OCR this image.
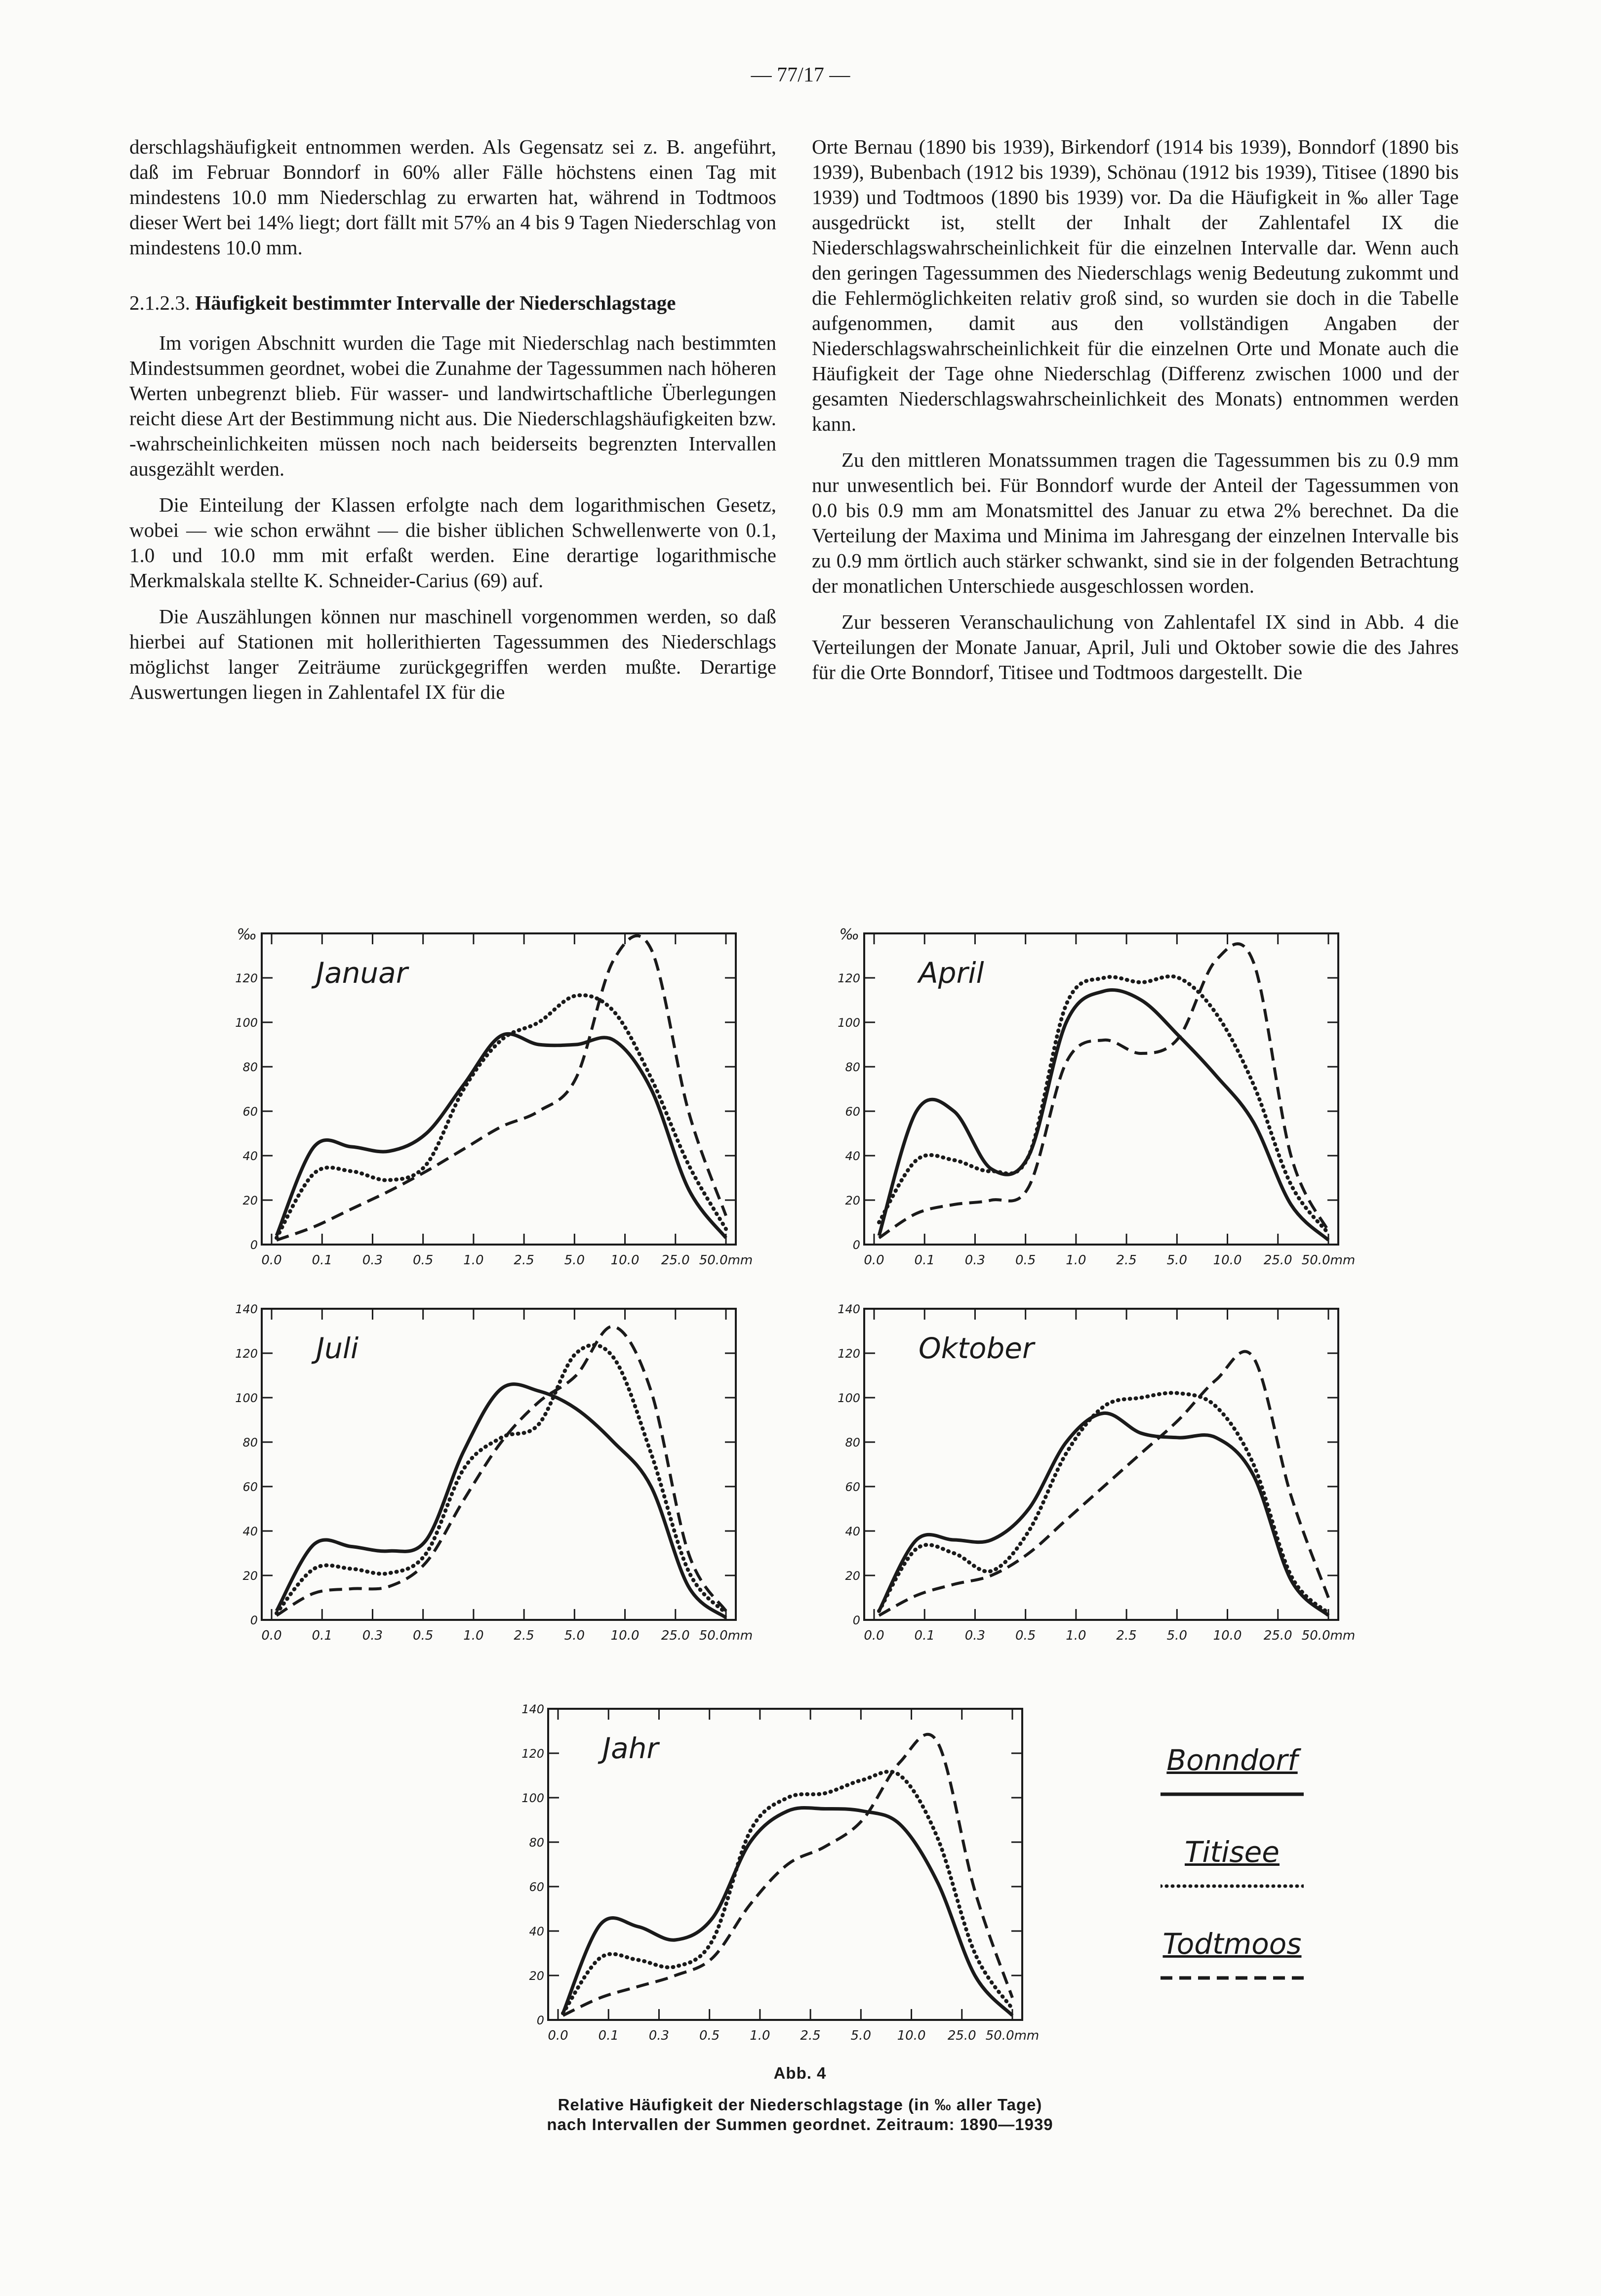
— 77/17 —

derschlagshäufigkeit entnommen werden. Als Gegensatz sei z. B. angeführt, daß im Februar Bonndorf in 60% aller Fälle höchstens einen Tag mit mindestens 10.0 mm Niederschlag zu erwarten hat, während in Todtmoos dieser Wert bei 14% liegt; dort fällt mit 57% an 4 bis 9 Tagen Niederschlag von mindestens 10.0 mm.

2.1.2.3. Häufigkeit bestimmter Intervalle der Niederschlagstage

Im vorigen Abschnitt wurden die Tage mit Niederschlag nach bestimmten Mindestsummen geordnet, wobei die Zunahme der Tagessummen nach höheren Werten unbegrenzt blieb. Für wasser- und landwirtschaftliche Überlegungen reicht diese Art der Bestimmung nicht aus. Die Niederschlagshäufigkeiten bzw. -wahrscheinlichkeiten müssen noch nach beiderseits begrenzten Intervallen ausgezählt werden.

Die Einteilung der Klassen erfolgte nach dem logarithmischen Gesetz, wobei — wie schon erwähnt — die bisher üblichen Schwellenwerte von 0.1, 1.0 und 10.0 mm mit erfaßt werden. Eine derartige logarithmische Merkmalskala stellte K. Schneider-Carius (69) auf.

Die Auszählungen können nur maschinell vorgenommen werden, so daß hierbei auf Stationen mit hollerithierten Tagessummen des Niederschlags möglichst langer Zeiträume zurückgegriffen werden mußte. Derartige Auswertungen liegen in Zahlentafel IX für die

Orte Bernau (1890 bis 1939), Birkendorf (1914 bis 1939), Bonndorf (1890 bis 1939), Bubenbach (1912 bis 1939), Schönau (1912 bis 1939), Titisee (1890 bis 1939) und Todtmoos (1890 bis 1939) vor. Da die Häufigkeit in ‰ aller Tage ausgedrückt ist, stellt der Inhalt der Zahlentafel IX die Niederschlagswahrscheinlichkeit für die einzelnen Intervalle dar. Wenn auch den geringen Tagessummen des Niederschlags wenig Bedeutung zukommt und die Fehlermöglichkeiten relativ groß sind, so wurden sie doch in die Tabelle aufgenommen, damit aus den vollständigen Angaben der Niederschlagswahrscheinlichkeit für die einzelnen Orte und Monate auch die Häufigkeit der Tage ohne Niederschlag (Differenz zwischen 1000 und der gesamten Niederschlagswahrscheinlichkeit des Monats) entnommen werden kann.

Zu den mittleren Monatssummen tragen die Tagessummen bis zu 0.9 mm nur unwesentlich bei. Für Bonndorf wurde der Anteil der Tagessummen von 0.0 bis 0.9 mm am Monatsmittel des Januar zu etwa 2% berechnet. Da die Verteilung der Maxima und Minima im Jahresgang der einzelnen Intervalle bis zu 0.9 mm örtlich auch stärker schwankt, sind sie in der folgenden Betrachtung der monatlichen Unterschiede ausgeschlossen worden.

Zur besseren Veranschaulichung von Zahlentafel IX sind in Abb. 4 die Verteilungen der Monate Januar, April, Juli und Oktober sowie die des Jahres für die Orte Bonndorf, Titisee und Todtmoos dargestellt. Die

0.0 0.1 0.3 0.5 1.0 2.5 5.0 10.0 25.0 50.0mm
0
20
40
60
80
100
120
‰
Januar
0.0 0.1 0.3 0.5 1.0 2.5 5.0 10.0 25.0 50.0mm
0
20
40
60
80
100
120
‰
April
0.0 0.1 0.3 0.5 1.0 2.5 5.0 10.0 25.0 50.0mm
0
20
40
60
80
100
120
140
Juli
0.0 0.1 0.3 0.5 1.0 2.5 5.0 10.0 25.0 50.0mm
0
20
40
60
80
100
120
140
Oktober
0.0 0.1 0.3 0.5 1.0 2.5 5.0 10.0 25.0 50.0mm
0
20
40
60
80
100
120
140
Jahr	Bonndorf
Titisee
Todtmoos
Abb. 4
Relative Häufigkeit der Niederschlagstage (in ‰ aller Tage)
nach Intervallen der Summen geordnet. Zeitraum: 1890—1939
